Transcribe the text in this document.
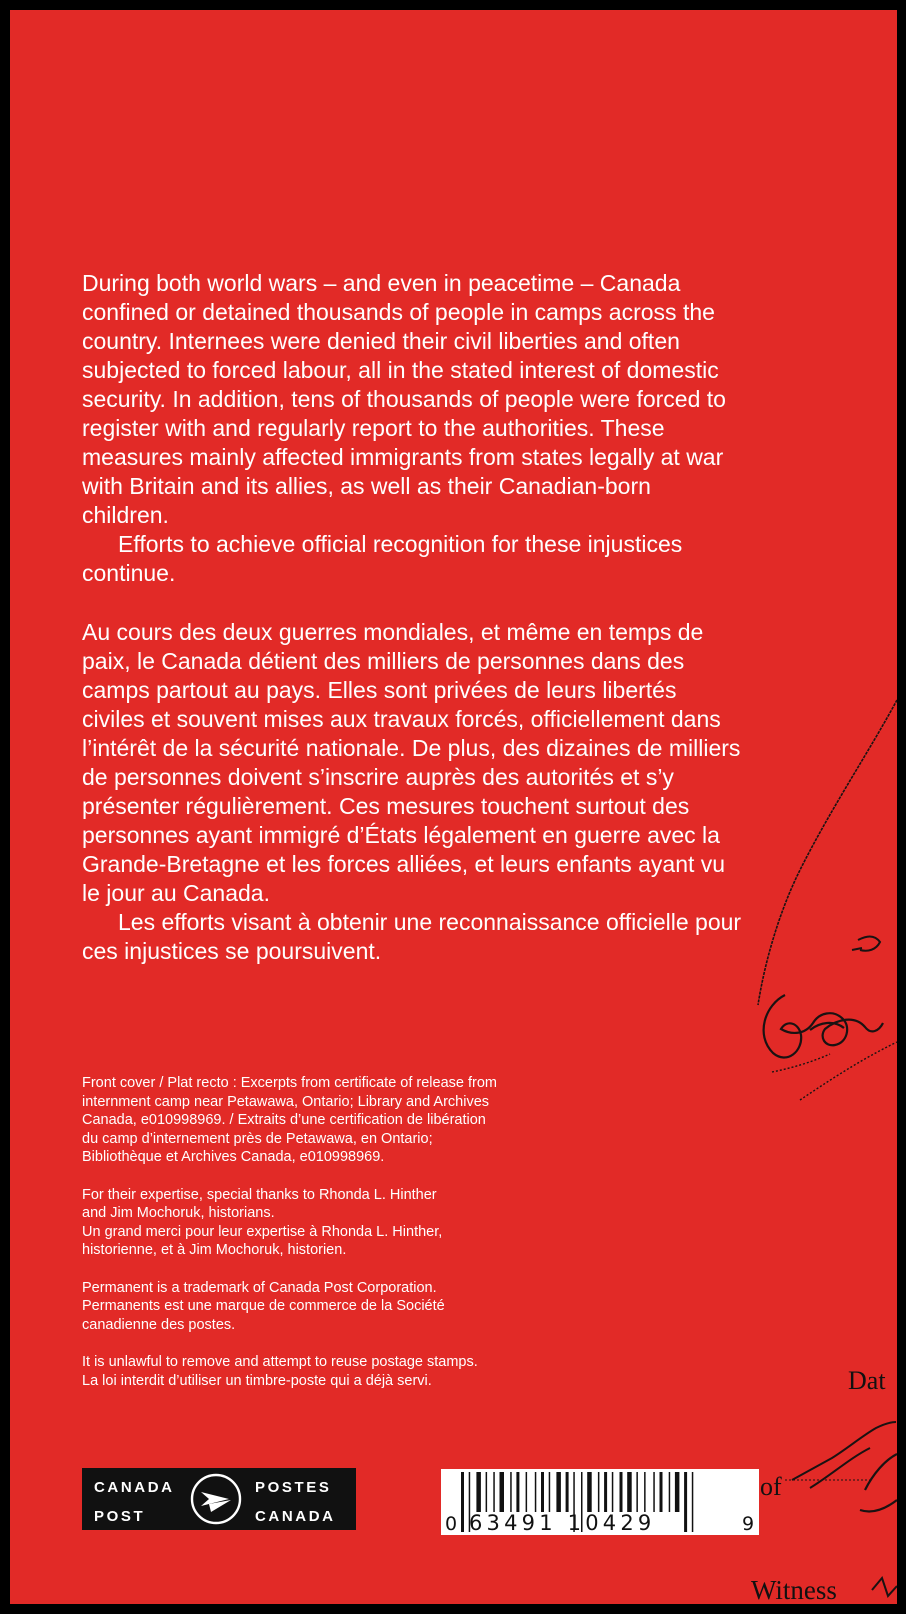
During both world wars – and even in peacetime – Canada confined or detained thousands of people in camps across the country. Internees were denied their civil liberties and often subjected to forced labour, all in the stated interest of domestic security. In addition, tens of thousands of people were forced to register with and regularly report to the authorities. These measures mainly affected immigrants from states legally at war with Britain and its allies, as well as their Canadian-born children.

Efforts to achieve official recognition for these injustices continue.

Au cours des deux guerres mondiales, et même en temps de paix, le Canada détient des milliers de personnes dans des camps partout au pays. Elles sont privées de leurs libertés civiles et souvent mises aux travaux forcés, officiellement dans l’intérêt de la sécurité nationale. De plus, des dizaines de milliers de personnes doivent s’inscrire auprès des autorités et s’y présenter régulièrement. Ces mesures touchent surtout des personnes ayant immigré d’États légalement en guerre avec la Grande-Bretagne et les forces alliées, et leurs enfants ayant vu le jour au Canada.

Les efforts visant à obtenir une reconnaissance officielle pour ces injustices se poursuivent.

Front cover / Plat recto : Excerpts from certificate of release from
internment camp near Petawawa, Ontario; Library and Archives
Canada, e010998969. / Extraits d’une certification de libération
du camp d’internement près de Petawawa, en Ontario;
Bibliothèque et Archives Canada, e010998969.

For their expertise, special thanks to Rhonda L. Hinther
and Jim Mochoruk, historians.
Un grand merci pour leur expertise à Rhonda L. Hinther,
historienne, et à Jim Mochoruk, historien.

Permanent is a trademark of Canada Post Corporation.
Permanents est une marque de commerce de la Société
canadienne des postes.

It is unlawful to remove and attempt to reuse postage stamps.
La loi interdit d’utiliser un timbre-poste qui a déjà servi.	Dat
of
Witness
CANADA
POST
POSTES
CANADA	0 63491 10429	9
